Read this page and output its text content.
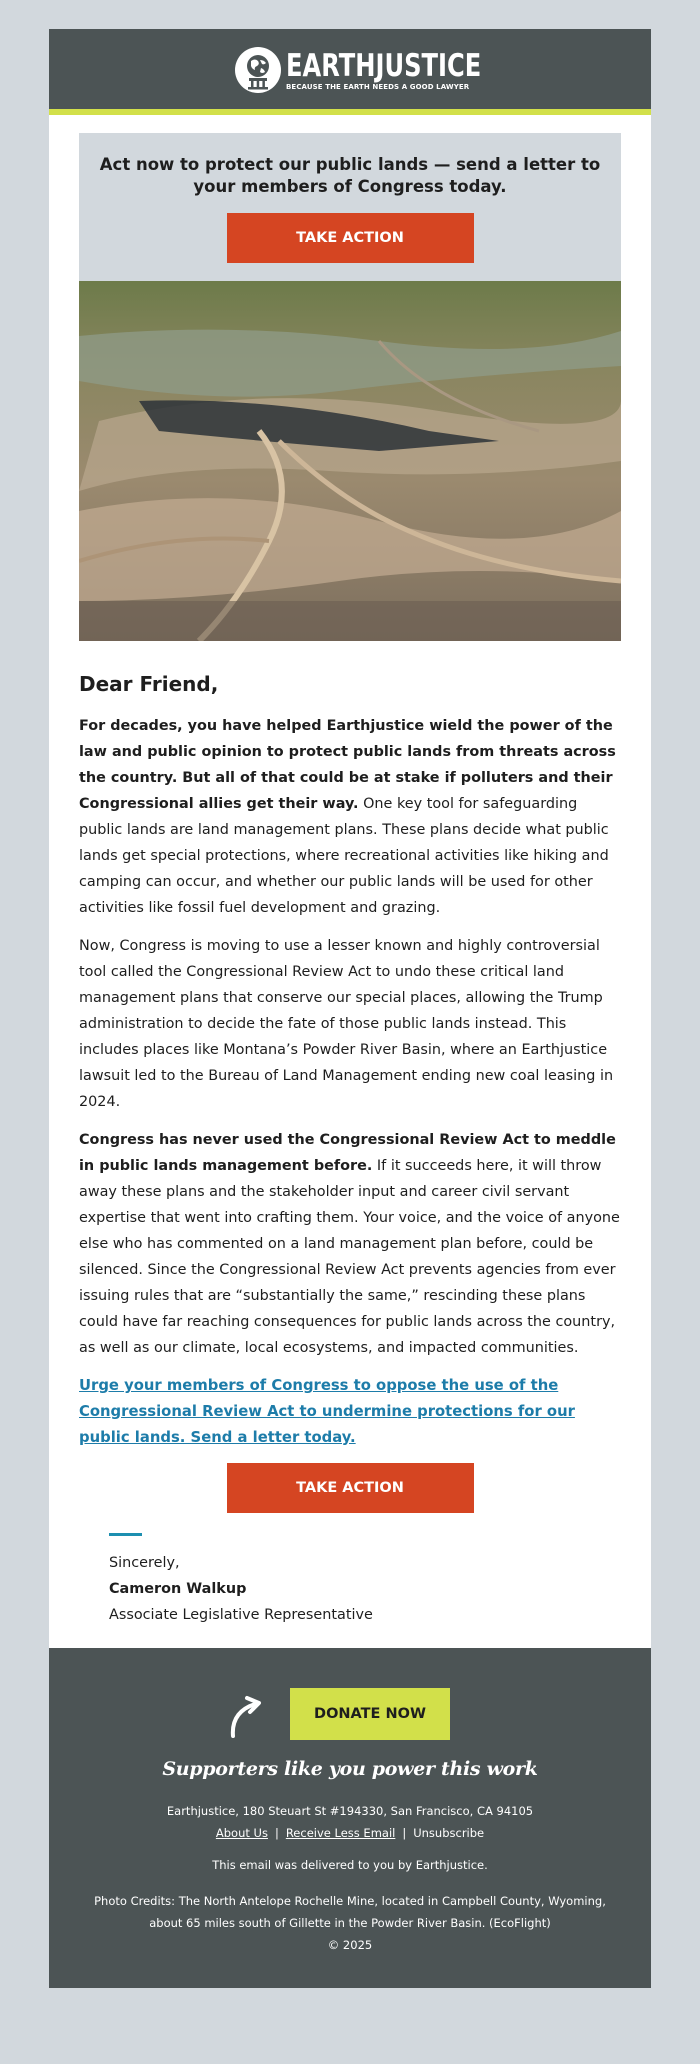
EARTHJUSTICE
BECAUSE THE EARTH NEEDS A GOOD LAWYER

Act now to protect our public lands — send a letter to your members of Congress today.

TAKE ACTION
Dear Friend,

For decades, you have helped Earthjustice wield the power of the law and public opinion to protect public lands from threats across the country. But all of that could be at stake if polluters and their Congressional allies get their way. One key tool for safeguarding public lands are land management plans. These plans decide what public lands get special protections, where recreational activities like hiking and camping can occur, and whether our public lands will be used for other activities like fossil fuel development and grazing.

Now, Congress is moving to use a lesser known and highly controversial tool called the Congressional Review Act to undo these critical land management plans that conserve our special places, allowing the Trump administration to decide the fate of those public lands instead. This includes places like Montana’s Powder River Basin, where an Earthjustice lawsuit led to the Bureau of Land Management ending new coal leasing in 2024.

Congress has never used the Congressional Review Act to meddle in public lands management before. If it succeeds here, it will throw away these plans and the stakeholder input and career civil servant expertise that went into crafting them. Your voice, and the voice of anyone else who has commented on a land management plan before, could be silenced. Since the Congressional Review Act prevents agencies from ever issuing rules that are “substantially the same,” rescinding these plans could have far reaching consequences for public lands across the country, as well as our climate, local ecosystems, and impacted communities.

Urge your members of Congress to oppose the use of the Congressional Review Act to undermine protections for our public lands. Send a letter today.
TAKE ACTION
Sincerely,
Cameron Walkup
Associate Legislative Representative
DONATE NOW
Supporters like you power this work
Earthjustice, 180 Steuart St #194330, San Francisco, CA 94105
About Us | Receive Less Email | Unsubscribe
This email was delivered to you by Earthjustice.
Photo Credits: The North Antelope Rochelle Mine, located in Campbell County, Wyoming, about 65 miles south of Gillette in the Powder River Basin. (EcoFlight)
© 2025
